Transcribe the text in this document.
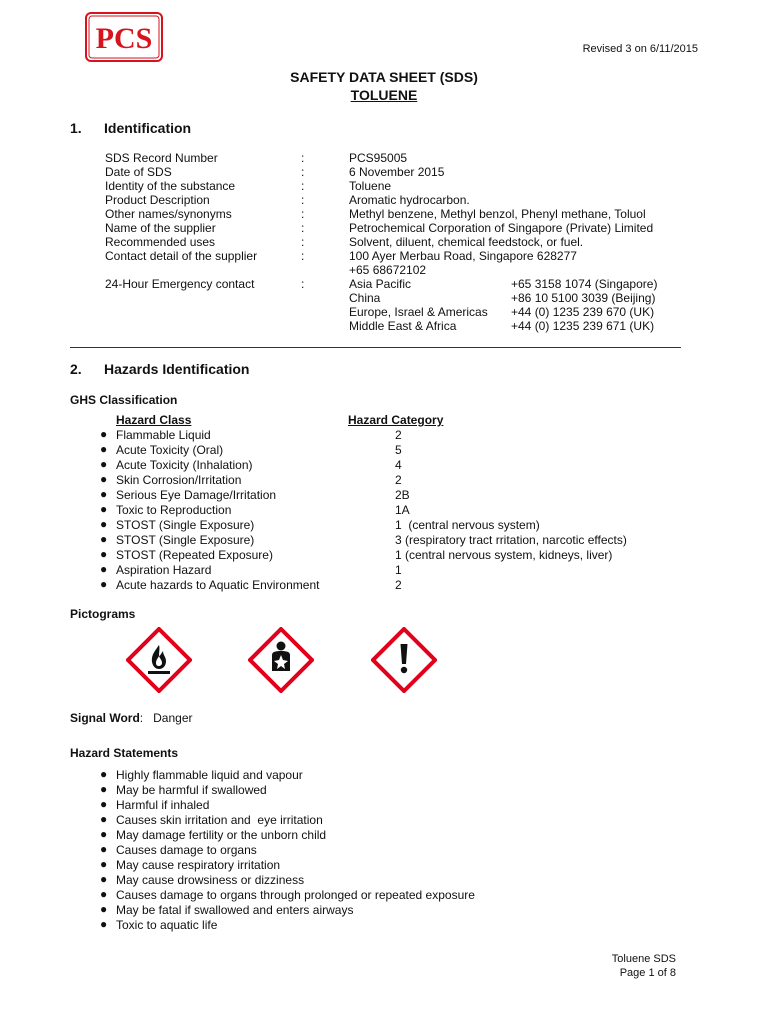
PCS	Revised 3 on 6/11/2015
SAFETY DATA SHEET (SDS)
TOLUENE
1. Identification
SDS Record Number	:	PCS95005
Date of SDS	:	6 November 2015
Identity of the substance	:	Toluene
Product Description	:	Aromatic hydrocarbon.
Other names/synonyms	:	Methyl benzene, Methyl benzol, Phenyl methane, Toluol
Name of the supplier	:	Petrochemical Corporation of Singapore (Private) Limited
Recommended uses	:	Solvent, diluent, chemical feedstock, or fuel.
Contact detail of the supplier	:	100 Ayer Merbau Road, Singapore 628277
+65 68672102
24-Hour Emergency contact	:	Asia Pacific	+65 3158 1074 (Singapore)
China	+86 10 5100 3039 (Beijing)
Europe, Israel & Americas +44 (0) 1235 239 670 (UK)
Middle East & Africa	+44 (0) 1235 239 671 (UK)
2. Hazards Identification
GHS Classification
Hazard Class	Hazard Category
● Flammable Liquid	2
● Acute Toxicity (Oral)	5
● Acute Toxicity (Inhalation)	4
● Skin Corrosion/Irritation	2
● Serious Eye Damage/Irritation	2B
● Toxic to Reproduction	1A
● STOST (Single Exposure)	1  (central nervous system)
● STOST (Single Exposure)	3 (respiratory tract rritation, narcotic effects)
● STOST (Repeated Exposure)	1 (central nervous system, kidneys, liver)
● Aspiration Hazard	1
● Acute hazards to Aquatic Environment	2
Pictograms
Signal Word:   Danger
Hazard Statements
● Highly flammable liquid and vapour
● May be harmful if swallowed
● Harmful if inhaled
● Causes skin irritation and  eye irritation
● May damage fertility or the unborn child
● Causes damage to organs
● May cause respiratory irritation
● May cause drowsiness or dizziness
● Causes damage to organs through prolonged or repeated exposure
● May be fatal if swallowed and enters airways
● Toxic to aquatic life
Toluene SDS
Page 1 of 8
